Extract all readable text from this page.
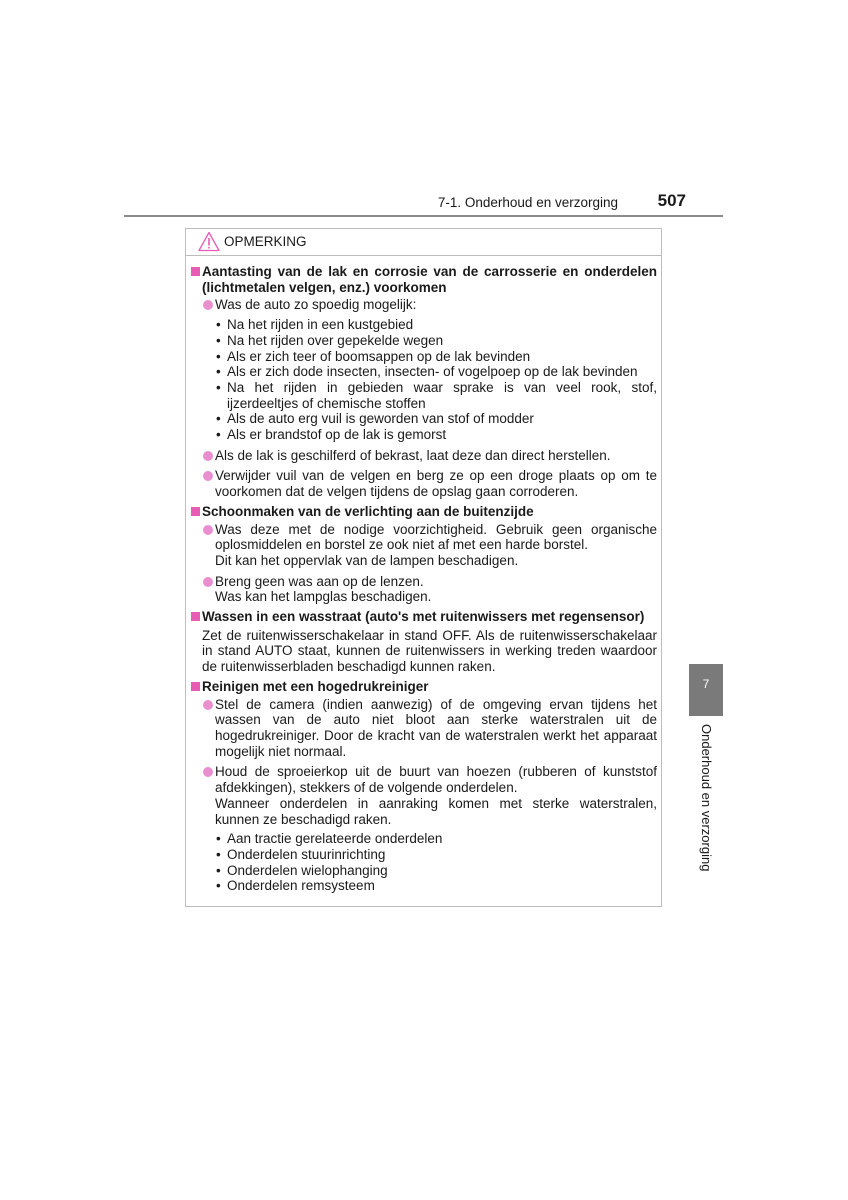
7-1. Onderhoud en verzorging	507
OPMERKING
Aantasting van de lak en corrosie van de carrosserie en onderdelen (lichtmetalen velgen, enz.) voorkomen
Was de auto zo spoedig mogelijk:
• Na het rijden in een kustgebied
• Na het rijden over gepekelde wegen
• Als er zich teer of boomsappen op de lak bevinden
• Als er zich dode insecten, insecten- of vogelpoep op de lak bevinden
• Na het rijden in gebieden waar sprake is van veel rook, stof, ijzerdeeltjes of chemische stoffen
• Als de auto erg vuil is geworden van stof of modder
• Als er brandstof op de lak is gemorst
Als de lak is geschilferd of bekrast, laat deze dan direct herstellen.
Verwijder vuil van de velgen en berg ze op een droge plaats op om te voorkomen dat de velgen tijdens de opslag gaan corroderen.
Schoonmaken van de verlichting aan de buitenzijde
Was deze met de nodige voorzichtigheid. Gebruik geen organische oplosmiddelen en borstel ze ook niet af met een harde borstel.
Dit kan het oppervlak van de lampen beschadigen.
Breng geen was aan op de lenzen.
Was kan het lampglas beschadigen.
Wassen in een wasstraat (auto's met ruitenwissers met regensensor)
Zet de ruitenwisserschakelaar in stand OFF. Als de ruitenwisserschakelaar in stand AUTO staat, kunnen de ruitenwissers in werking treden waardoor de ruitenwisserbladen beschadigd kunnen raken.
Reinigen met een hogedrukreiniger
Stel de camera (indien aanwezig) of de omgeving ervan tijdens het wassen van de auto niet bloot aan sterke waterstralen uit de hogedrukreiniger. Door de kracht van de waterstralen werkt het apparaat mogelijk niet normaal.
Houd de sproeierkop uit de buurt van hoezen (rubberen of kunststof afdekkingen), stekkers of de volgende onderdelen.
Wanneer onderdelen in aanraking komen met sterke waterstralen, kunnen ze beschadigd raken.
• Aan tractie gerelateerde onderdelen
• Onderdelen stuurinrichting
• Onderdelen wielophanging
• Onderdelen remsysteem
7
Onderhoud en verzorging
